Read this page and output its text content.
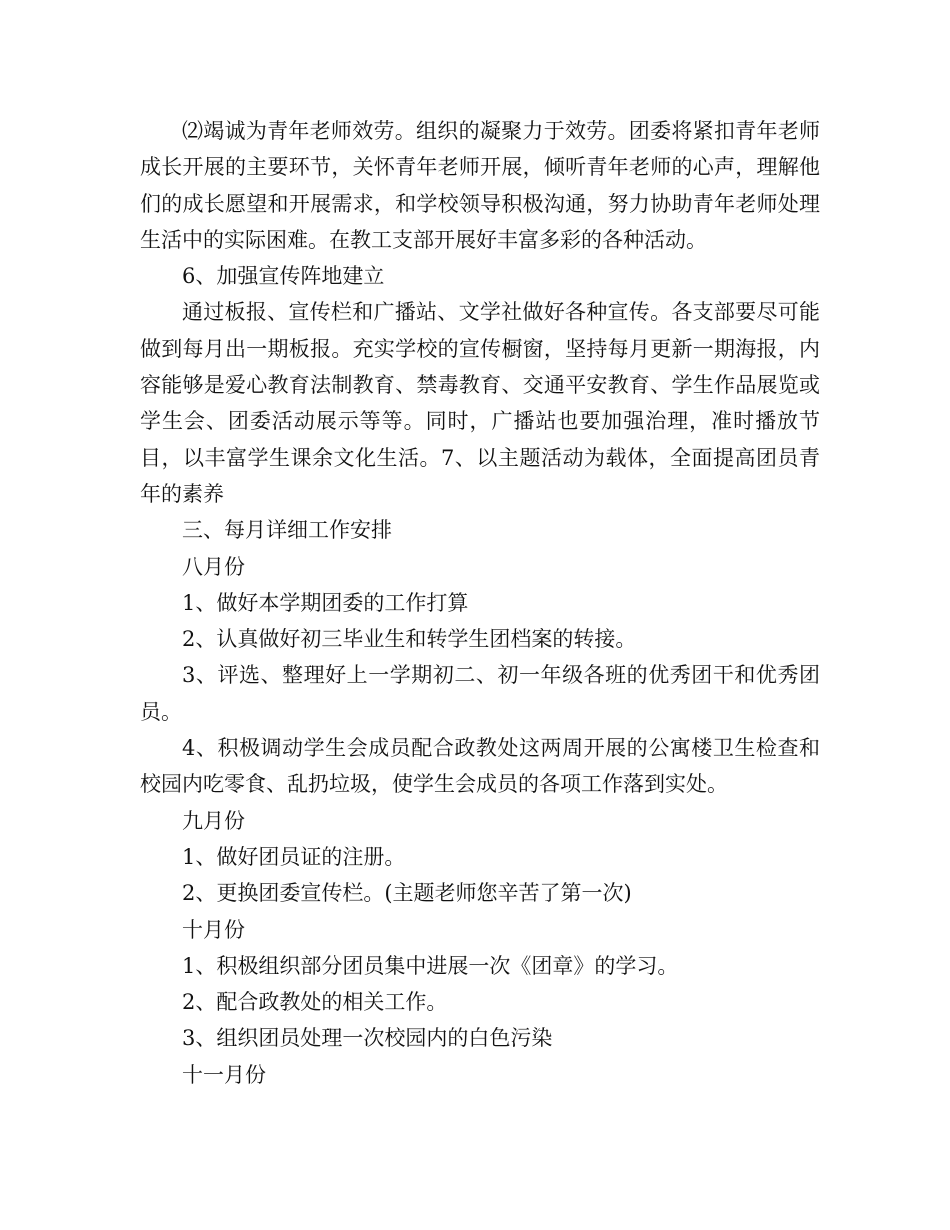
⑵竭诚为青年老师效劳。组织的凝聚力于效劳。团委将紧扣青年老师成长开展的主要环节，关怀青年老师开展，倾听青年老师的心声，理解他们的成长愿望和开展需求，和学校领导积极沟通，努力协助青年老师处理生活中的实际困难。在教工支部开展好丰富多彩的各种活动。

6、加强宣传阵地建立

通过板报、宣传栏和广播站、文学社做好各种宣传。各支部要尽可能做到每月出一期板报。充实学校的宣传橱窗，坚持每月更新一期海报，内容能够是爱心教育法制教育、禁毒教育、交通平安教育、学生作品展览或学生会、团委活动展示等等。同时，广播站也要加强治理，准时播放节目，以丰富学生课余文化生活。7、以主题活动为载体，全面提高团员青年的素养

三、每月详细工作安排

八月份

1、做好本学期团委的工作打算

2、认真做好初三毕业生和转学生团档案的转接。

3、评选、整理好上一学期初二、初一年级各班的优秀团干和优秀团员。

4、积极调动学生会成员配合政教处这两周开展的公寓楼卫生检查和校园内吃零食、乱扔垃圾，使学生会成员的各项工作落到实处。

九月份

1、做好团员证的注册。

2、更换团委宣传栏。(主题老师您辛苦了第一次)

十月份

1、积极组织部分团员集中进展一次《团章》的学习。

2、配合政教处的相关工作。

3、组织团员处理一次校园内的白色污染

十一月份
